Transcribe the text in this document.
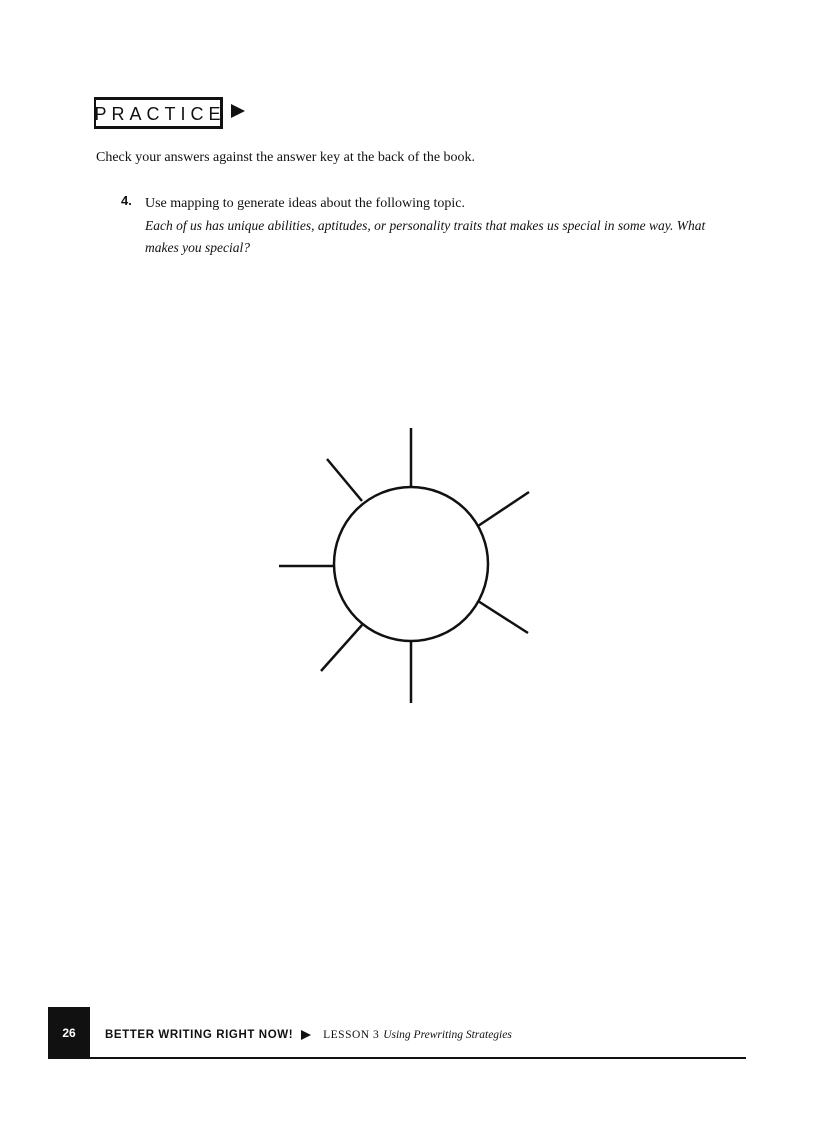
PRACTICE
Check your answers against the answer key at the back of the book.
4. Use mapping to generate ideas about the following topic.
Each of us has unique abilities, aptitudes, or personality traits that makes us special in some way. What makes you special?
26	BETTER WRITING RIGHT NOW!	LESSON 3 Using Prewriting Strategies
